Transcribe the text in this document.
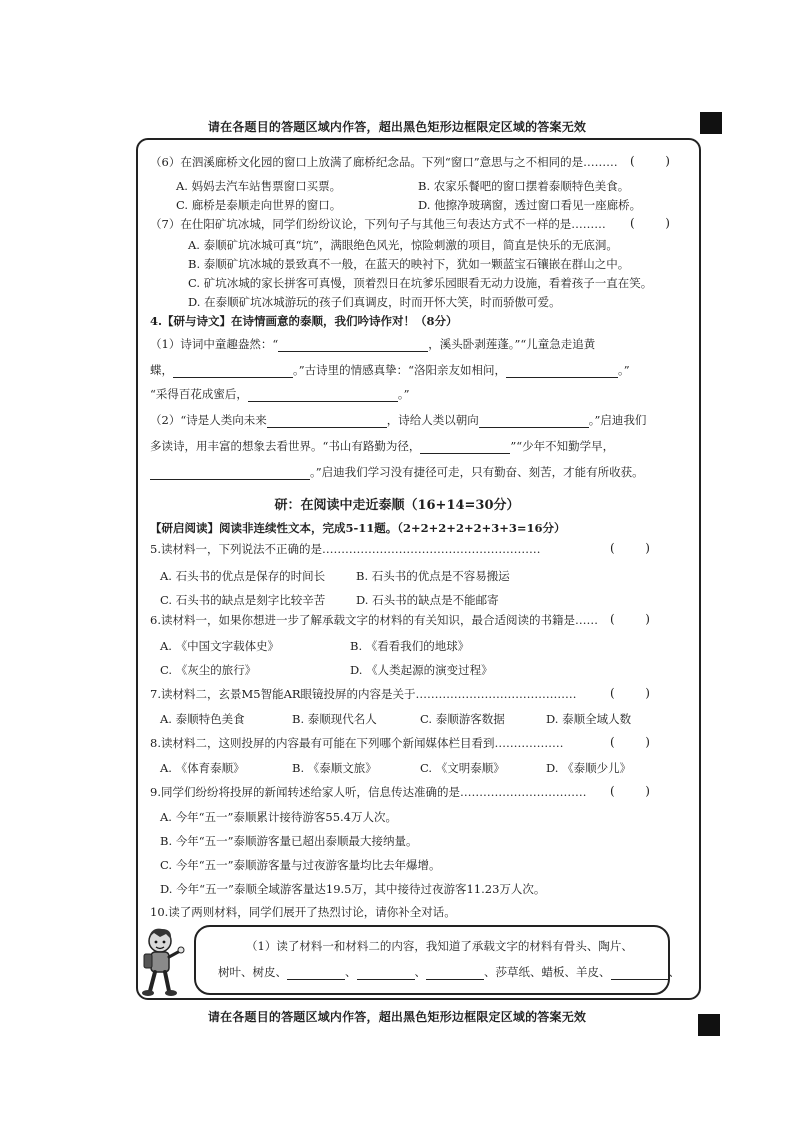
请在各题目的答题区域内作答，超出黑色矩形边框限定区域的答案无效
（6）在泗溪廊桥文化园的窗口上放满了廊桥纪念品。下列“窗口”意思与之不相同的是………	(        )
A. 妈妈去汽车站售票窗口买票。	B. 农家乐餐吧的窗口摆着泰顺特色美食。
C. 廊桥是泰顺走向世界的窗口。	D. 他擦净玻璃窗，透过窗口看见一座廊桥。
（7）在仕阳矿坑冰城，同学们纷纷议论，下列句子与其他三句表达方式不一样的是………	(        )
A. 泰顺矿坑冰城可真“坑”，满眼绝色风光，惊险刺激的项目，简直是快乐的无底洞。
B. 泰顺矿坑冰城的景致真不一般，在蓝天的映衬下，犹如一颗蓝宝石镶嵌在群山之中。
C. 矿坑冰城的家长拼客可真慢，顶着烈日在坑爹乐园眼看无动力设施，看着孩子一直在笑。
D. 在泰顺矿坑冰城游玩的孩子们真调皮，时而开怀大笑，时而骄傲可爱。
4.【研与诗文】在诗情画意的泰顺，我们吟诗作对！（8分）
（1）诗词中童趣盎然：“	，溪头卧剥莲蓬。”“儿童急走追黄
蝶，	。”古诗里的情感真挚：“洛阳亲友如相问，	。”
“采得百花成蜜后，	。”
（2）“诗是人类向未来	，诗给人类以朝向	。”启迪我们
多读诗，用丰富的想象去看世界。“书山有路勤为径，	”“少年不知勤学早，
。”启迪我们学习没有捷径可走，只有勤奋、刻苦，才能有所收获。
研：在阅读中走近泰顺（16+14=30分）
【研启阅读】阅读非连续性文本，完成5-11题。（2+2+2+2+2+3+3=16分）
5.读材料一，下列说法不正确的是…………………………………………………	(        )
A. 石头书的优点是保存的时间长	B. 石头书的优点是不容易搬运
C. 石头书的缺点是刻字比较辛苦	D. 石头书的缺点是不能邮寄
6.读材料一，如果你想进一步了解承载文字的材料的有关知识，最合适阅读的书籍是……	(        )
A. 《中国文字载体史》	B. 《看看我们的地球》
C. 《灰尘的旅行》	D. 《人类起源的演变过程》
7.读材料二，玄景M5智能AR眼镜投屏的内容是关于……………………………………	(        )
A. 泰顺特色美食	B. 泰顺现代名人	C. 泰顺游客数据	D. 泰顺全域人数
8.读材料二，这则投屏的内容最有可能在下列哪个新闻媒体栏目看到………………	(        )
A. 《体育泰顺》	B. 《泰顺文旅》	C. 《文明泰顺》	D. 《泰顺少儿》
9.同学们纷纷将投屏的新闻转述给家人听，信息传达准确的是……………………………	(        )
A. 今年“五一”泰顺累计接待游客55.4万人次。
B. 今年“五一”泰顺游客量已超出泰顺最大接纳量。
C. 今年“五一”泰顺游客量与过夜游客量均比去年爆增。
D. 今年“五一”泰顺全域游客量达19.5万，其中接待过夜游客11.23万人次。
10.读了两则材料，同学们展开了热烈讨论，请你补全对话。
（1）读了材料一和材料二的内容，我知道了承载文字的材料有骨头、陶片、
树叶、树皮、	、	、	、莎草纸、蜡板、羊皮、	、
请在各题目的答题区域内作答，超出黑色矩形边框限定区域的答案无效
